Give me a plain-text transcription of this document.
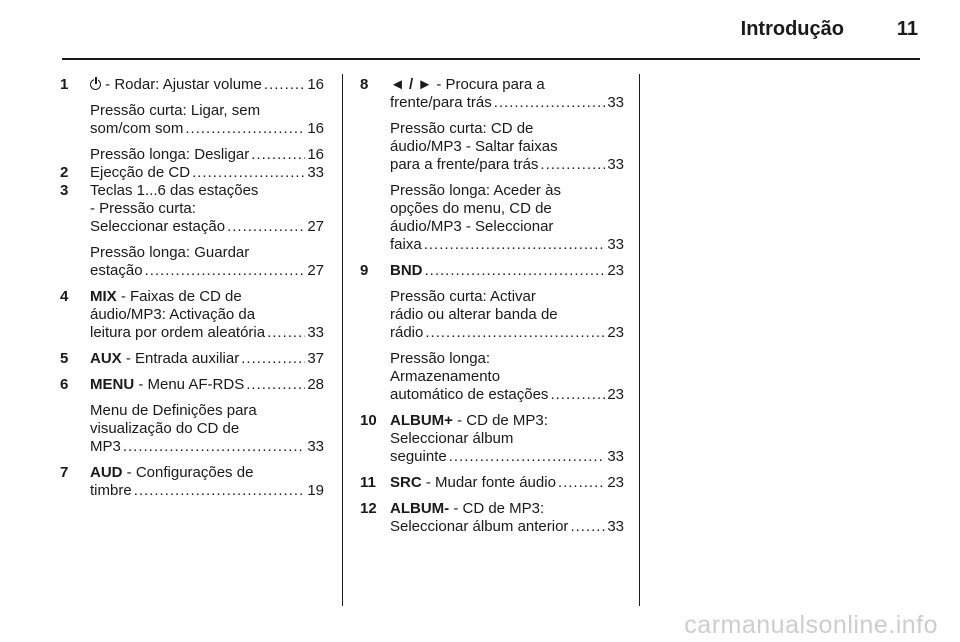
Introdução	11
1	- Rodar: Ajustar volume .....	16
Pressão curta: Ligar, sem
som/com som .....	16
Pressão longa: Desligar .....	16
2 Ejecção de CD .....	33
3 Teclas 1...6 das estações
- Pressão curta:
Seleccionar estação .....	27
Pressão longa: Guardar
estação .....	27
4 MIX - Faixas de CD de
áudio/MP3: Activação da
leitura por ordem aleatória .....	33
5 AUX - Entrada auxiliar .....	37
6 MENU - Menu AF-RDS .....	28
Menu de Definições para
visualização do CD de
MP3 .....	33
7 AUD - Configurações de
timbre .....	19
8 ◄ / ► - Procura para a
frente/para trás .....	33
Pressão curta: CD de
áudio/MP3 - Saltar faixas
para a frente/para trás .....	33
Pressão longa: Aceder às
opções do menu, CD de
áudio/MP3 - Seleccionar
faixa .....	33
9 BND .....	23
Pressão curta: Activar
rádio ou alterar banda de
rádio .....	23
Pressão longa:
Armazenamento
automático de estações .....	23
10 ALBUM+ - CD de MP3:
Seleccionar álbum
seguinte .....	33
11 SRC - Mudar fonte áudio .....	23
12 ALBUM- - CD de MP3:
Seleccionar álbum anterior .....	33
carmanualsonline.info
